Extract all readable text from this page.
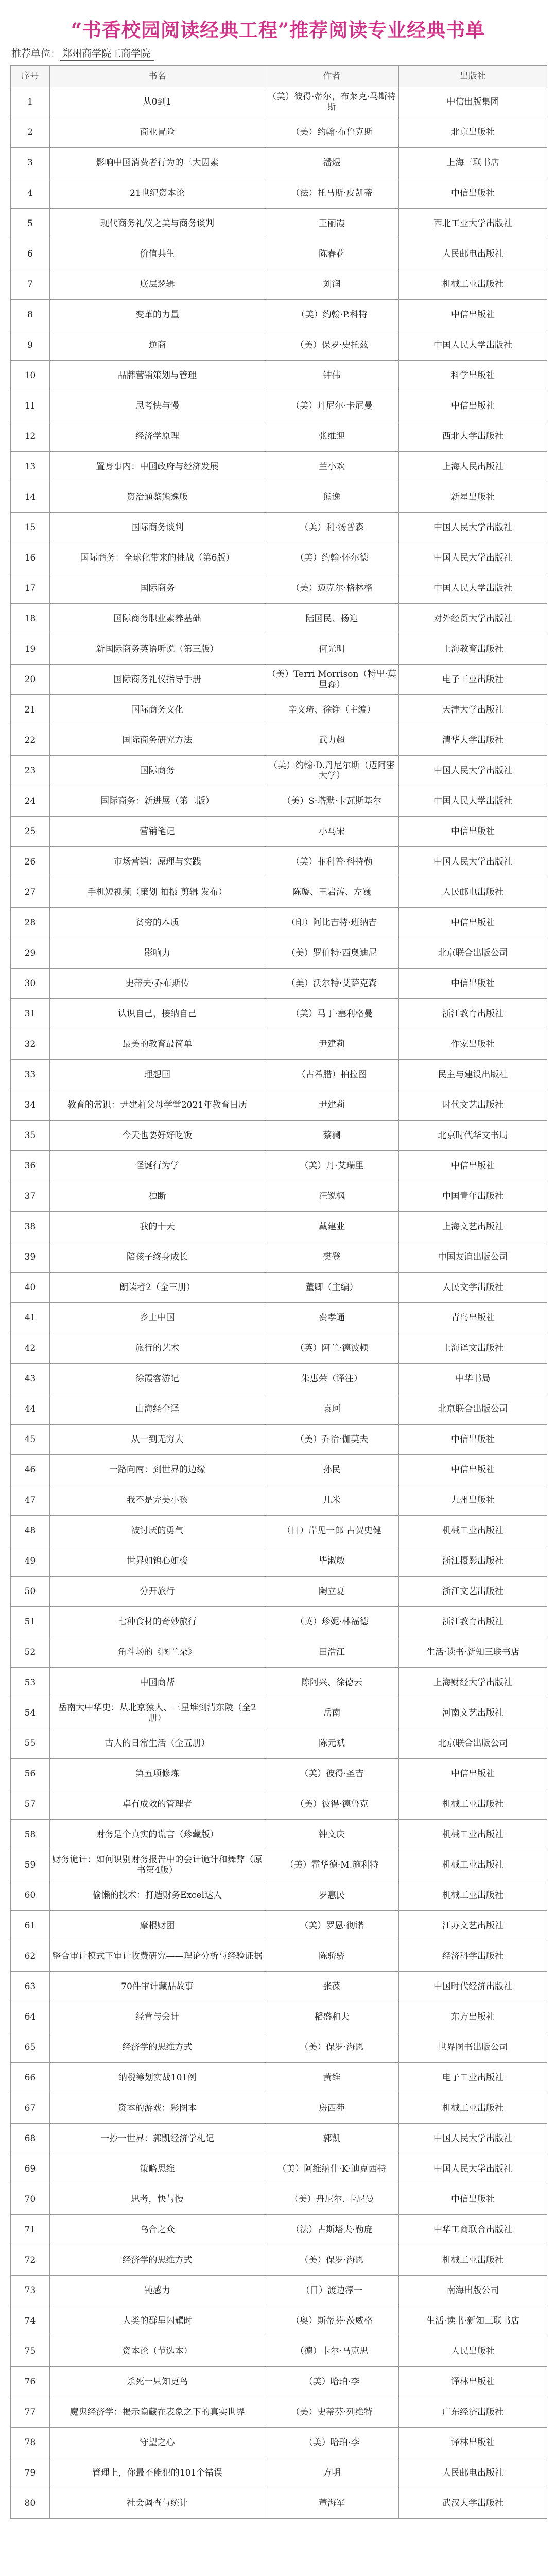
“书香校园阅读经典工程”推荐阅读专业经典书单
推荐单位： 郑州商学院工商学院
序号	书名	作者	出版社
1	从0到1	（美）彼得·蒂尔，布莱克·马斯特斯	中信出版集团
2	商业冒险	（美）约翰·布鲁克斯	北京出版社
3	影响中国消费者行为的三大因素	潘煜	上海三联书店
4	21世纪资本论	（法）托马斯·皮凯蒂	中信出版社
5	现代商务礼仪之美与商务谈判	王丽霞	西北工业大学出版社
6	价值共生	陈春花	人民邮电出版社
7	底层逻辑	刘润	机械工业出版社
8	变革的力量	（美）约翰·P.科特	中信出版社
9	逆商	（美）保罗·史托兹	中国人民大学出版社
10	品牌营销策划与管理	钟伟	科学出版社
11	思考快与慢	（美）丹尼尔·卡尼曼	中信出版社
12	经济学原理	张维迎	西北大学出版社
13	置身事内：中国政府与经济发展	兰小欢	上海人民出版社
14	资治通鉴熊逸版	熊逸	新星出版社
15	国际商务谈判	（美）利·汤普森	中国人民大学出版社
16	国际商务：全球化带来的挑战（第6版）	（美）约翰·怀尔德	中国人民大学出版社
17	国际商务	（美）迈克尔·格林格	中国人民大学出版社
18	国际商务职业素养基础	陆国民、杨迎	对外经贸大学出版社
19	新国际商务英语听说（第三版）	何光明	上海教育出版社
20	国际商务礼仪指导手册	（美）Terri Morrison（特里·莫里森）	电子工业出版社
21	国际商务文化	辛文琦、徐铮（主编）	天津大学出版社
22	国际商务研究方法	武力超	清华大学出版社
23	国际商务	（美）约翰·D.丹尼尔斯（迈阿密大学）	中国人民大学出版社
24	国际商务：新进展（第二版）	（美）S·塔默·卡瓦斯基尔	中国人民大学出版社
25	营销笔记	小马宋	中信出版社
26	市场营销：原理与实践	（美）菲利普·科特勒	中国人民大学出版社
27	手机短视频（策划 拍摄 剪辑 发布）	陈璇、王岩涛、左巍	人民邮电出版社
28	贫穷的本质	（印）阿比吉特·班纳吉	中信出版社
29	影响力	（美）罗伯特·西奥迪尼	北京联合出版公司
30	史蒂夫·乔布斯传	（美）沃尔特·艾萨克森	中信出版社
31	认识自己，接纳自己	（美）马丁·塞利格曼	浙江教育出版社
32	最美的教育最简单	尹建莉	作家出版社
33	理想国	（古希腊）柏拉图	民主与建设出版社
34	教育的常识：尹建莉父母学堂2021年教育日历	尹建莉	时代文艺出版社
35	今天也要好好吃饭	蔡澜	北京时代华文书局
36	怪诞行为学	（美）丹·艾瑞里	中信出版社
37	独断	汪锐枫	中国青年出版社
38	我的十天	戴建业	上海文艺出版社
39	陪孩子终身成长	樊登	中国友谊出版公司
40	朗读者2（全三册）	董卿（主编）	人民文学出版社
41	乡土中国	费孝通	青岛出版社
42	旅行的艺术	（英）阿兰·德波顿	上海译文出版社
43	徐霞客游记	朱惠荣（译注）	中华书局
44	山海经全译	袁珂	北京联合出版公司
45	从一到无穷大	（美）乔治·伽莫夫	中信出版社
46	一路向南：到世界的边缘	孙民	中信出版社
47	我不是完美小孩	几米	九州出版社
48	被讨厌的勇气	（日）岸见一郎 古贺史健	机械工业出版社
49	世界如锦心如梭	毕淑敏	浙江摄影出版社
50	分开旅行	陶立夏	浙江文艺出版社
51	七种食材的奇妙旅行	（英）珍妮·林福德	浙江教育出版社
52	角斗场的《图兰朵》	田浩江	生活·读书·新知三联书店
53	中国商帮	陈阿兴、徐德云	上海财经大学出版社
54	岳南大中华史：从北京猿人、三星堆到清东陵（全2册）	岳南	河南文艺出版社
55	古人的日常生活（全五册）	陈元斌	北京联合出版公司
56	第五项修炼	（美）彼得·圣吉	中信出版社
57	卓有成效的管理者	（美）彼得·德鲁克	机械工业出版社
58	财务是个真实的谎言（珍藏版）	钟文庆	机械工业出版社
59	财务诡计：如何识别财务报告中的会计诡计和舞弊（原书第4版）	（美）霍华德·M.施利特	机械工业出版社
60	偷懒的技术：打造财务Excel达人	罗惠民	机械工业出版社
61	摩根财团	（美）罗恩·彻诺	江苏文艺出版社
62	整合审计模式下审计收费研究——理论分析与经验证据	陈骄骄	经济科学出版社
63	70件审计藏品故事	张葆	中国时代经济出版社
64	经营与会计	稻盛和夫	东方出版社
65	经济学的思维方式	（美）保罗·海恩	世界图书出版公司
66	纳税筹划实战101例	黄维	电子工业出版社
67	资本的游戏：彩图本	房西苑	机械工业出版社
68	一抄一世界：郭凯经济学札记	郭凯	中国人民大学出版社
69	策略思维	（美）阿维纳什·K·迪克西特	中国人民大学出版社
70	思考，快与慢	（美）丹尼尔. 卡尼曼	中信出版社
71	乌合之众	（法）古斯塔夫·勒庞	中华工商联合出版社
72	经济学的思维方式	（美）保罗·海恩	机械工业出版社
73	钝感力	（日）渡边淳一	南海出版公司
74	人类的群星闪耀时	（奥）斯蒂芬·茨威格	生活·读书·新知三联书店
75	资本论（节选本）	（德）卡尔·马克思	人民出版社
76	杀死一只知更鸟	（美）哈珀·李	译林出版社
77	魔鬼经济学：揭示隐藏在表象之下的真实世界	（美）史蒂芬·列维特	广东经济出版社
78	守望之心	（美）哈珀·李	译林出版社
79	管理上，你最不能犯的101个错误	方明	人民邮电出版社
80	社会调查与统计	董海军	武汉大学出版社
